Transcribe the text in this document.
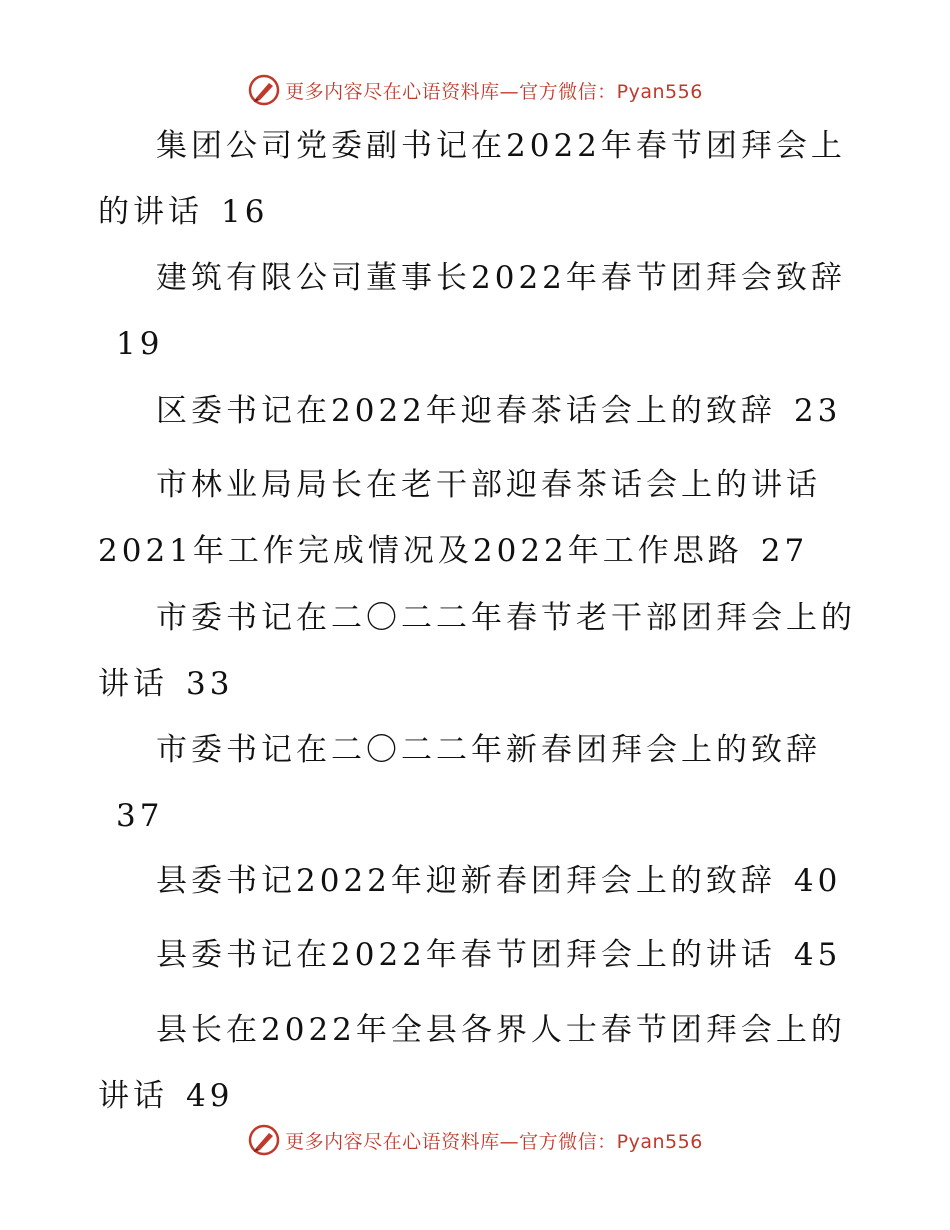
更多内容尽在心语资料库—官方微信：Pyan556
集团公司党委副书记在2022年春节团拜会上的讲话 16
建筑有限公司董事长2022年春节团拜会致辞19
区委书记在2022年迎春茶话会上的致辞 23
市林业局局长在老干部迎春茶话会上的讲话2021年工作完成情况及2022年工作思路 27
市委书记在二〇二二年春节老干部团拜会上的讲话 33
市委书记在二〇二二年新春团拜会上的致辞37
县委书记2022年迎新春团拜会上的致辞 40
县委书记在2022年春节团拜会上的讲话 45
县长在2022年全县各界人士春节团拜会上的讲话 49
更多内容尽在心语资料库—官方微信：Pyan556
